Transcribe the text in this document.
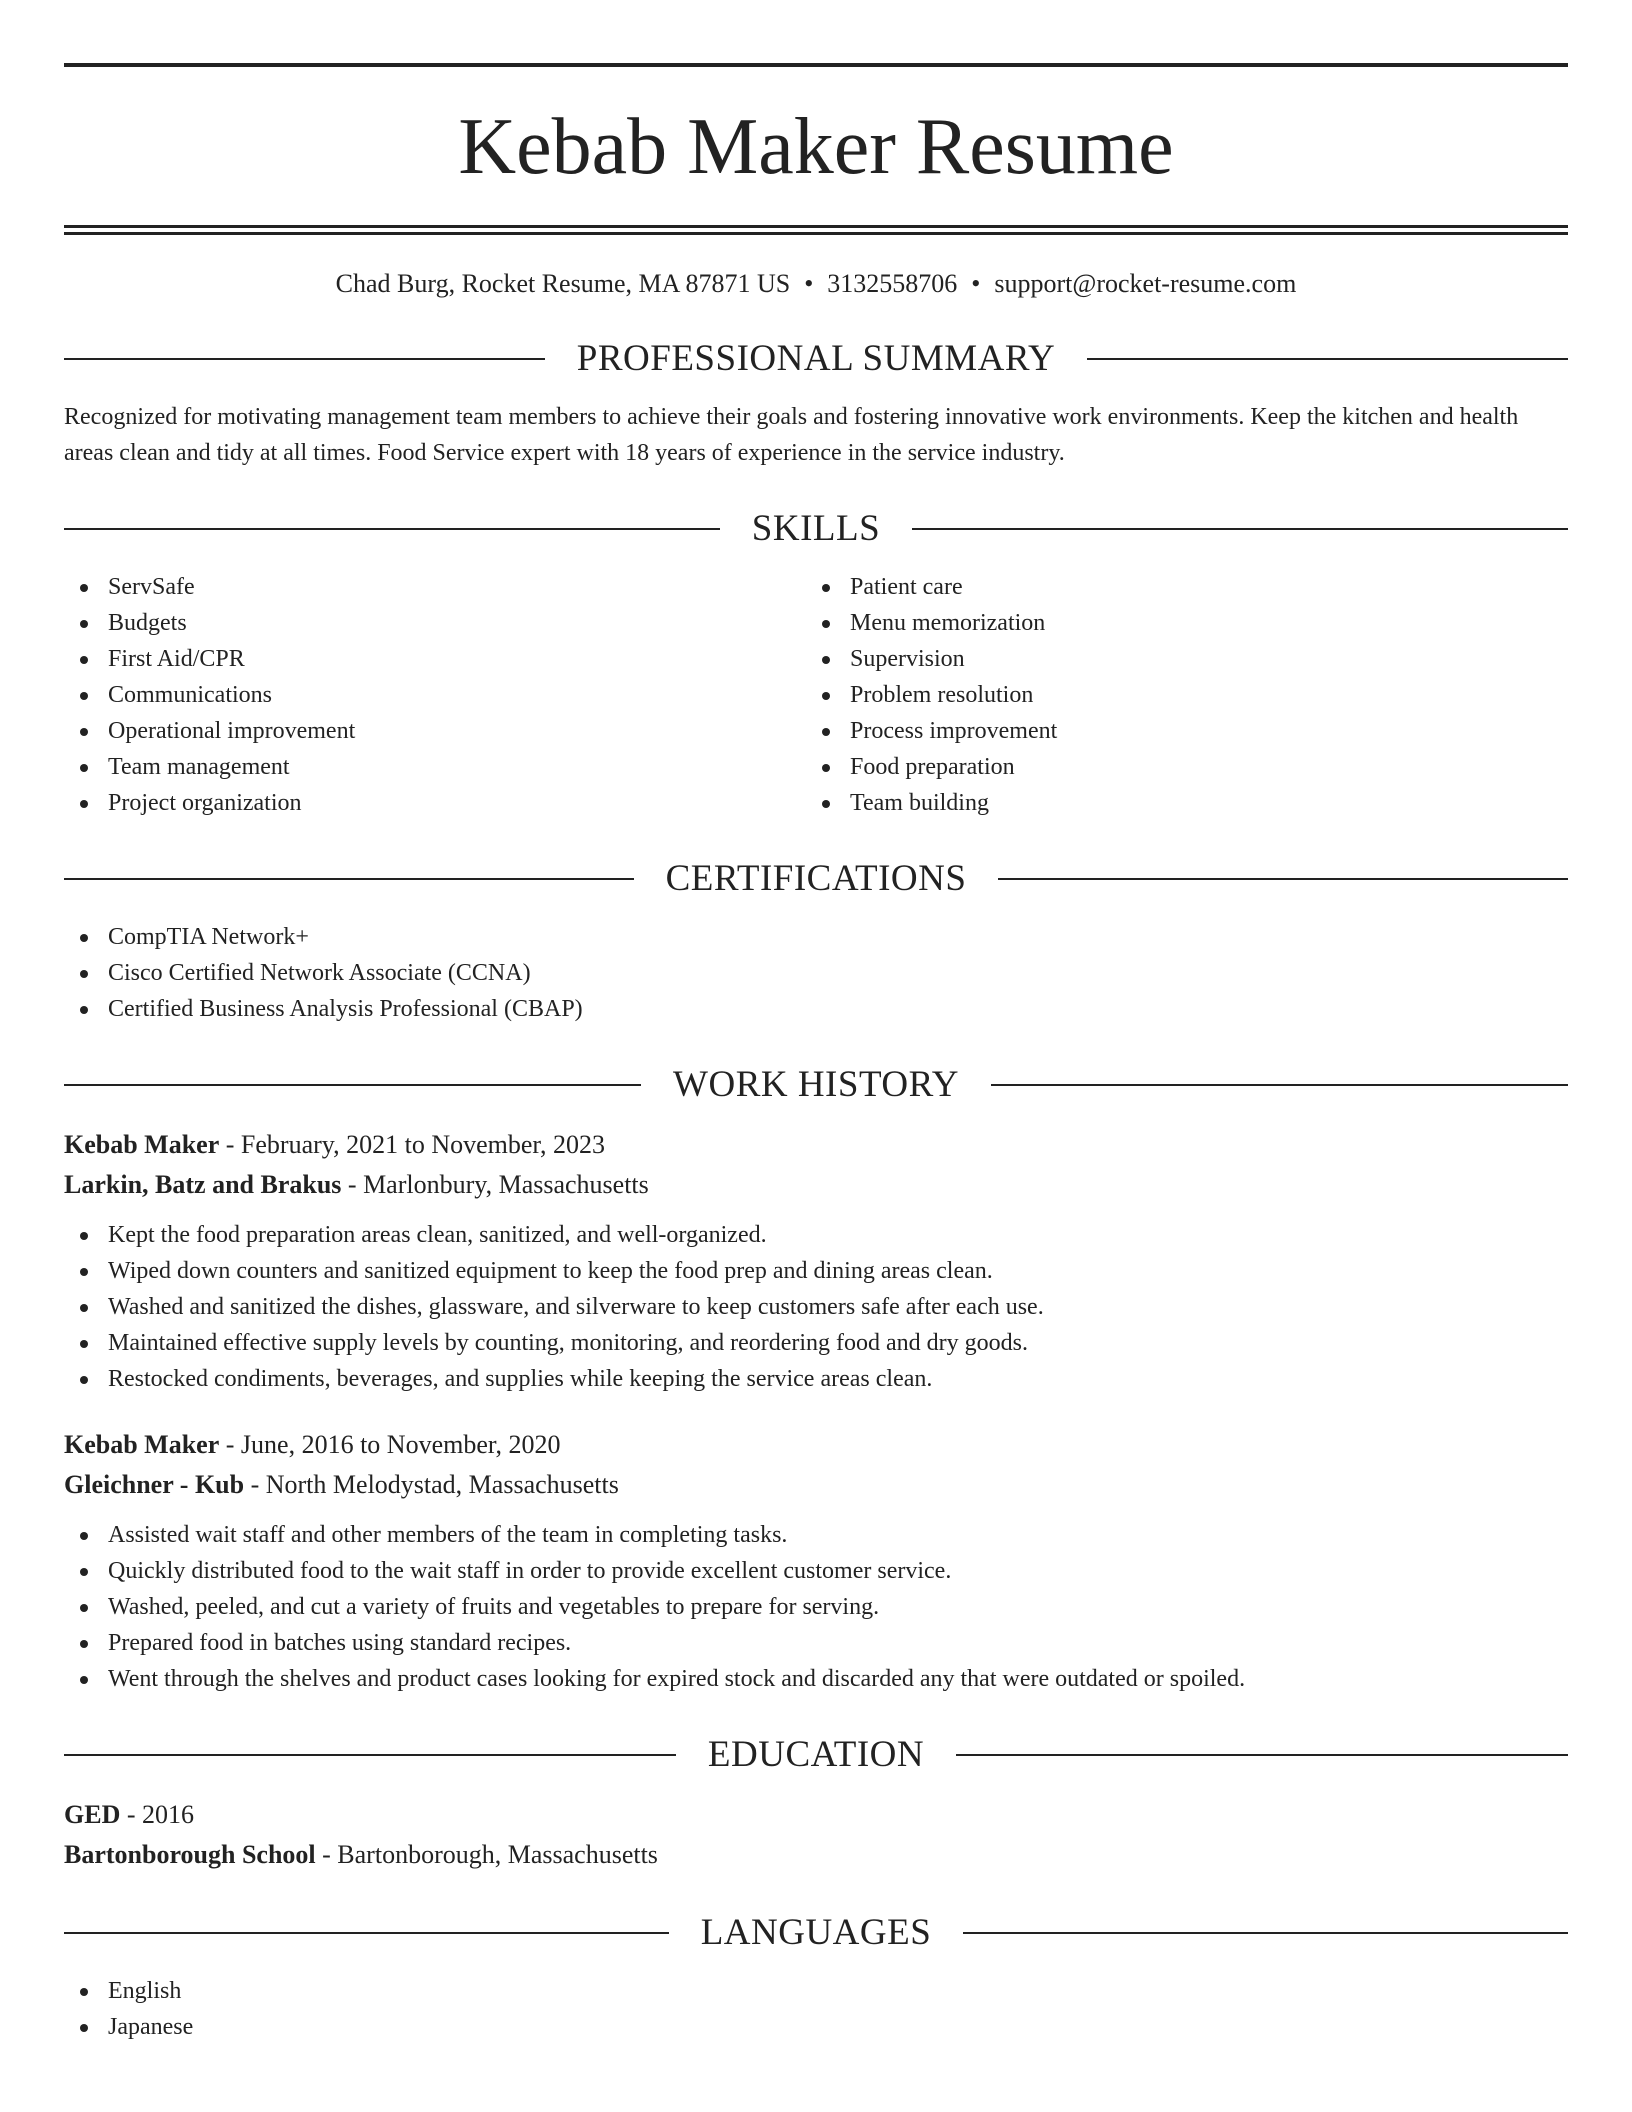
Kebab Maker Resume
Chad Burg, Rocket Resume, MA 87871 US • 3132558706 • support@rocket-resume.com
PROFESSIONAL SUMMARY

Recognized for motivating management team members to achieve their goals and fostering innovative work environments. Keep the kitchen and health areas clean and tidy at all times. Food Service expert with 18 years of experience in the service industry.

SKILLS
ServSafe
Budgets
First Aid/CPR
Communications
Operational improvement
Team management
Project organization
Patient care
Menu memorization
Supervision
Problem resolution
Process improvement
Food preparation
Team building
CERTIFICATIONS
CompTIA Network+
Cisco Certified Network Associate (CCNA)
Certified Business Analysis Professional (CBAP)
WORK HISTORY
Kebab Maker - February, 2021 to November, 2023
Larkin, Batz and Brakus - Marlonbury, Massachusetts
Kept the food preparation areas clean, sanitized, and well-organized.
Wiped down counters and sanitized equipment to keep the food prep and dining areas clean.
Washed and sanitized the dishes, glassware, and silverware to keep customers safe after each use.
Maintained effective supply levels by counting, monitoring, and reordering food and dry goods.
Restocked condiments, beverages, and supplies while keeping the service areas clean.
Kebab Maker - June, 2016 to November, 2020
Gleichner - Kub - North Melodystad, Massachusetts
Assisted wait staff and other members of the team in completing tasks.
Quickly distributed food to the wait staff in order to provide excellent customer service.
Washed, peeled, and cut a variety of fruits and vegetables to prepare for serving.
Prepared food in batches using standard recipes.
Went through the shelves and product cases looking for expired stock and discarded any that were outdated or spoiled.
EDUCATION
GED - 2016
Bartonborough School - Bartonborough, Massachusetts
LANGUAGES
English
Japanese
